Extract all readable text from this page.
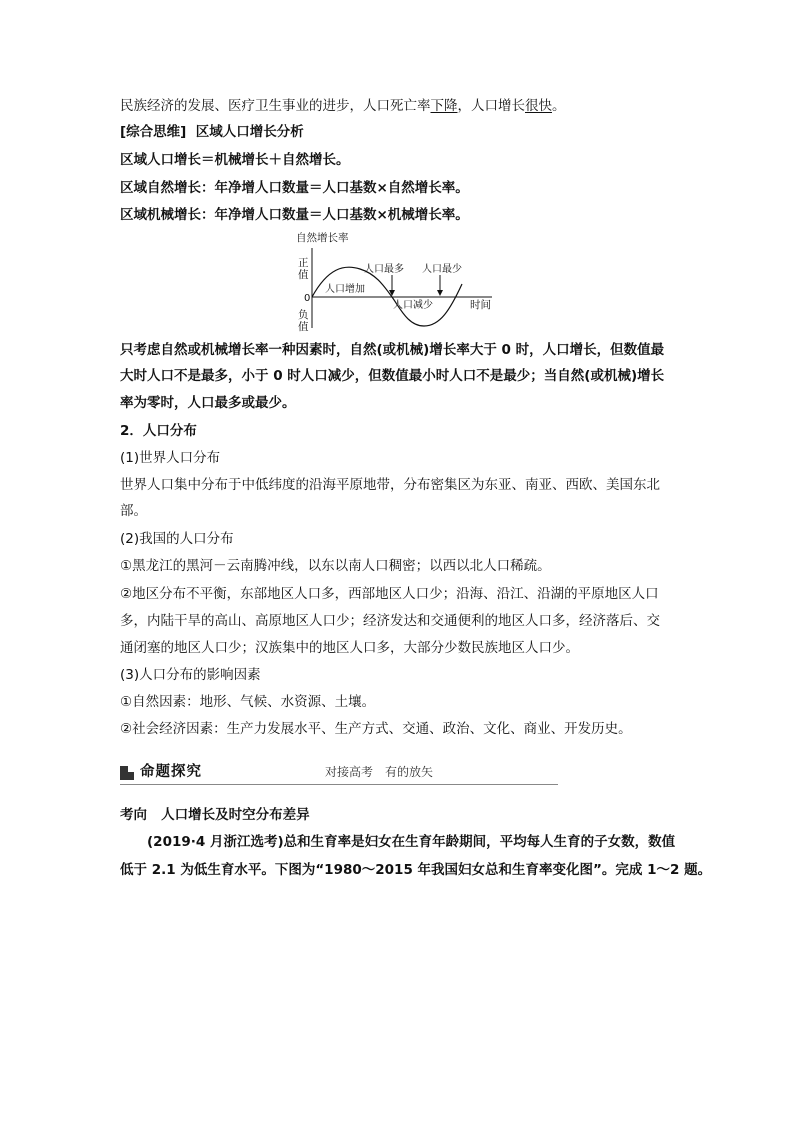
民族经济的发展、医疗卫生事业的进步，人口死亡率下降，人口增长很快。
[综合思维] 区域人口增长分析
区域人口增长＝机械增长＋自然增长。
区域自然增长：年净增人口数量＝人口基数×自然增长率。
区域机械增长：年净增人口数量＝人口基数×机械增长率。
自然增长率
正
值
0
负
值
时间
人口增加
人口减少
人口最多 人口最少
只考虑自然或机械增长率一种因素时，自然(或机械)增长率大于 0 时，人口增长，但数值最
大时人口不是最多，小于 0 时人口减少，但数值最小时人口不是最少；当自然(或机械)增长
率为零时，人口最多或最少。
2．人口分布
(1)世界人口分布
世界人口集中分布于中低纬度的沿海平原地带，分布密集区为东亚、南亚、西欧、美国东北
部。
(2)我国的人口分布
①黑龙江的黑河－云南腾冲线，以东以南人口稠密；以西以北人口稀疏。
②地区分布不平衡，东部地区人口多，西部地区人口少；沿海、沿江、沿湖的平原地区人口
多，内陆干旱的高山、高原地区人口少；经济发达和交通便利的地区人口多，经济落后、交
通闭塞的地区人口少；汉族集中的地区人口多，大部分少数民族地区人口少。
(3)人口分布的影响因素
①自然因素：地形、气候、水资源、土壤。
②社会经济因素：生产力发展水平、生产方式、交通、政治、文化、商业、开发历史。
命题探究	对接高考　有的放矢
考向 人口增长及时空分布差异
(2019·4 月浙江选考)总和生育率是妇女在生育年龄期间，平均每人生育的子女数，数值
低于 2.1 为低生育水平。下图为“1980～2015 年我国妇女总和生育率变化图”。完成 1～2 题。
